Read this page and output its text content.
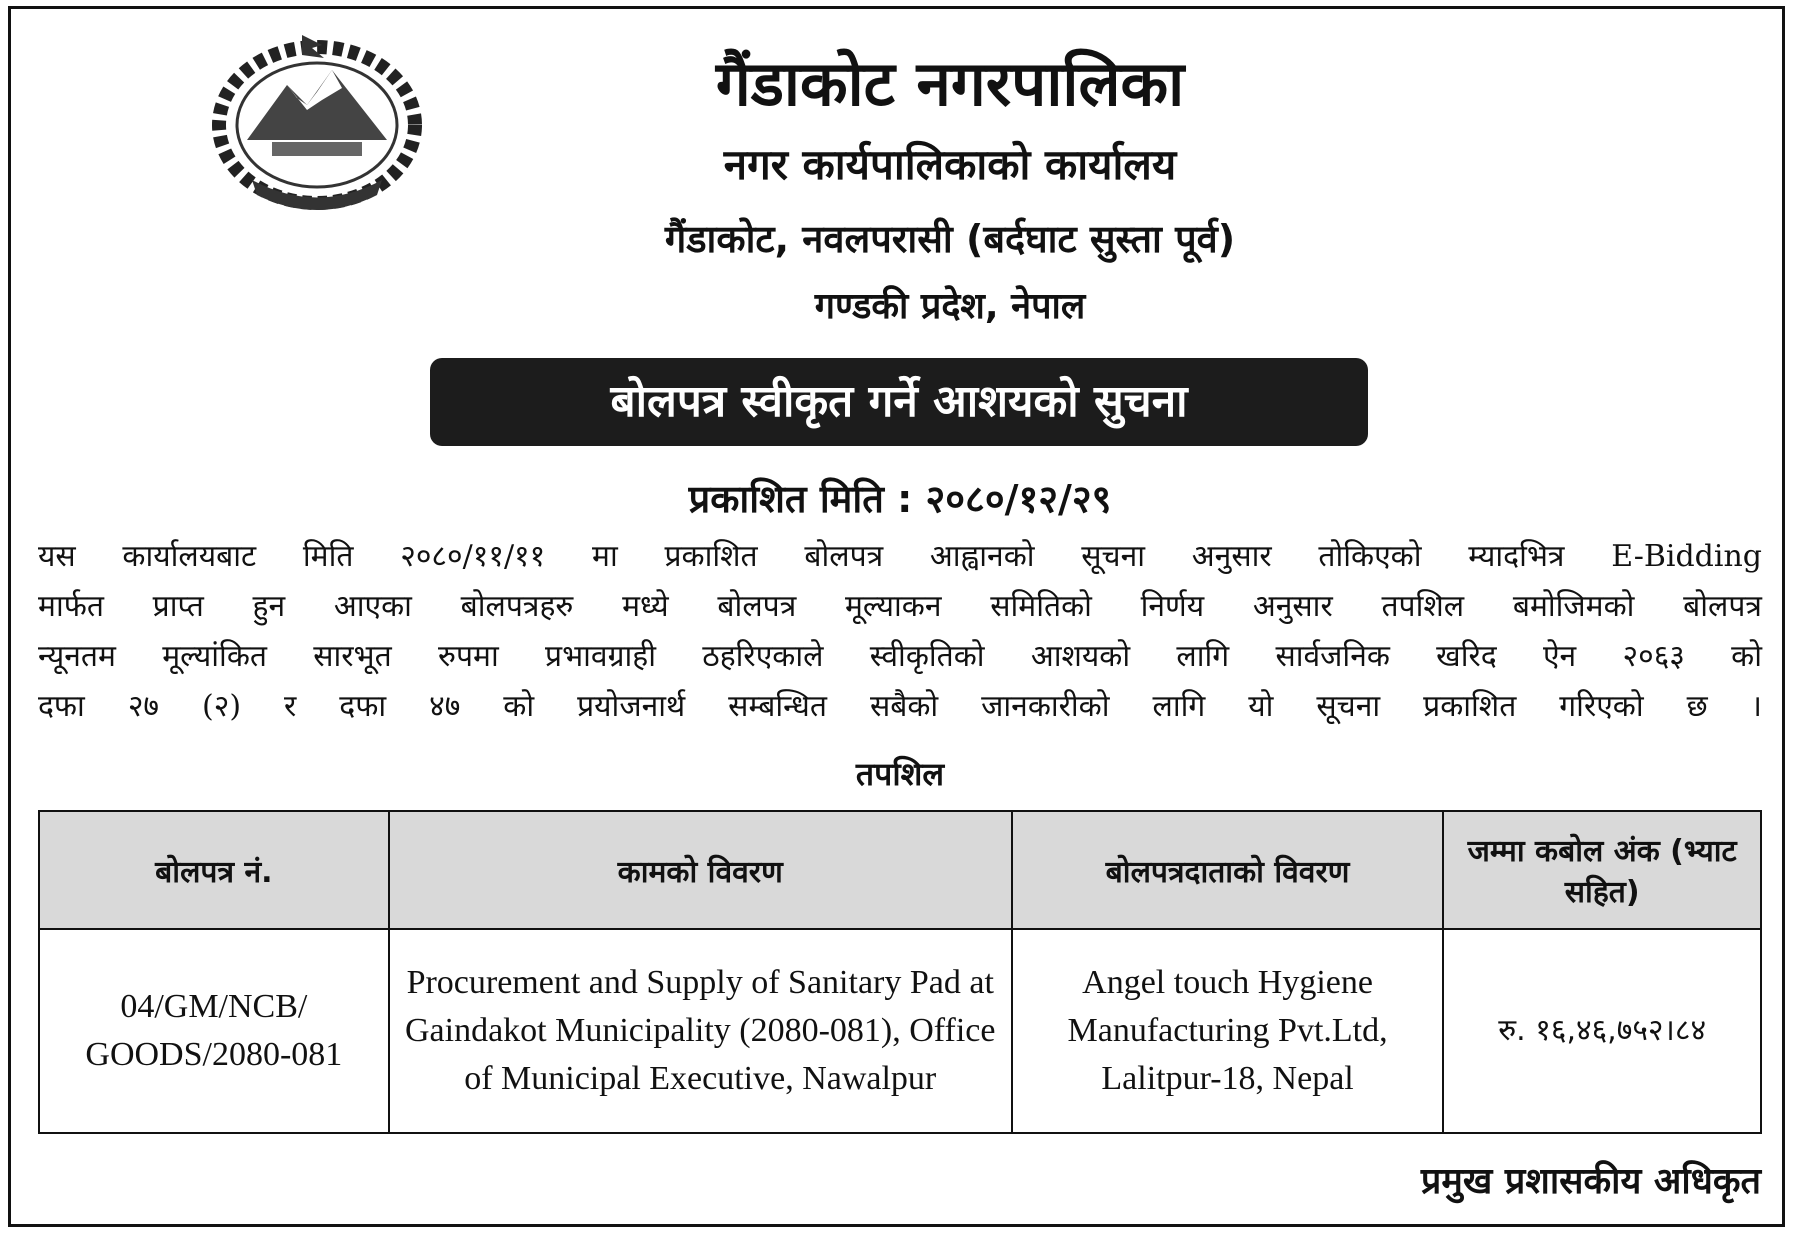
गैंडाकोट नगरपालिका
नगर कार्यपालिकाको कार्यालय
गैंडाकोट, नवलपरासी (बर्दघाट सुस्ता पूर्व)
गण्डकी प्रदेश, नेपाल
बोलपत्र स्वीकृत गर्ने आशयको सुचना
प्रकाशित मिति : २०८०/१२/२९
यस कार्यालयबाट मिति २०८०/११/११ मा प्रकाशित बोलपत्र आह्वानको सूचना अनुसार तोकिएको म्यादभित्र E-Bidding
मार्फत प्राप्त हुन आएका बोलपत्रहरु मध्ये बोलपत्र मूल्याकन समितिको निर्णय अनुसार तपशिल बमोजिमको बोलपत्र
न्यूनतम मूल्यांकित सारभूत रुपमा प्रभावग्राही ठहरिएकाले स्वीकृतिको आशयको लागि सार्वजनिक खरिद ऐन २०६३ को
दफा २७ (२) र दफा ४७ को प्रयोजनार्थ सम्बन्धित सबैको जानकारीको लागि यो सूचना प्रकाशित गरिएको छ ।
तपशिल
बोलपत्र नं.	कामको विवरण	बोलपत्रदाताको विवरण	जम्मा कबोल अंक (भ्याट सहित)
04/GM/NCB/ GOODS/2080-081	Procurement and Supply of Sanitary Pad at Gaindakot Municipality (2080-081), Office of Municipal Executive, Nawalpur	Angel touch Hygiene Manufacturing Pvt.Ltd, Lalitpur-18, Nepal	रु. १६,४६,७५२।८४
प्रमुख प्रशासकीय अधिकृत
